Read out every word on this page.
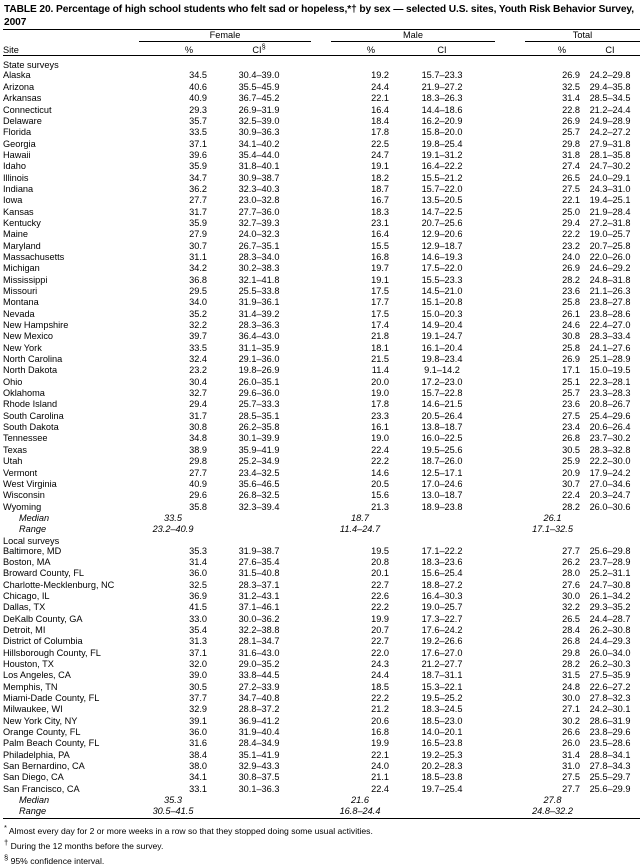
TABLE 20. Percentage of high school students who felt sad or hopeless,*† by sex — selected U.S. sites, Youth Risk Behavior Survey, 2007

	Female			Male			Total	
Site	%	CI§		%	CI		%	CI

State surveys								
Alaska	34.5	30.4–39.0		19.2	15.7–23.3		26.9	24.2–29.8
Arizona	40.6	35.5–45.9		24.4	21.9–27.2		32.5	29.4–35.8
Arkansas	40.9	36.7–45.2		22.1	18.3–26.3		31.4	28.5–34.5
Connecticut	29.3	26.9–31.9		16.4	14.4–18.6		22.8	21.2–24.4
Delaware	35.7	32.5–39.0		18.4	16.2–20.9		26.9	24.9–28.9
Florida	33.5	30.9–36.3		17.8	15.8–20.0		25.7	24.2–27.2
Georgia	37.1	34.1–40.2		22.5	19.8–25.4		29.8	27.9–31.8
Hawaii	39.6	35.4–44.0		24.7	19.1–31.2		31.8	28.1–35.8
Idaho	35.9	31.8–40.1		19.1	16.4–22.2		27.4	24.7–30.2
Illinois	34.7	30.9–38.7		18.2	15.5–21.2		26.5	24.0–29.1
Indiana	36.2	32.3–40.3		18.7	15.7–22.0		27.5	24.3–31.0
Iowa	27.7	23.0–32.8		16.7	13.5–20.5		22.1	19.4–25.1
Kansas	31.7	27.7–36.0		18.3	14.7–22.5		25.0	21.9–28.4
Kentucky	35.9	32.7–39.3		23.1	20.7–25.6		29.4	27.2–31.8
Maine	27.9	24.0–32.3		16.4	12.9–20.6		22.2	19.0–25.7
Maryland	30.7	26.7–35.1		15.5	12.9–18.7		23.2	20.7–25.8
Massachusetts	31.1	28.3–34.0		16.8	14.6–19.3		24.0	22.0–26.0
Michigan	34.2	30.2–38.3		19.7	17.5–22.0		26.9	24.6–29.2
Mississippi	36.8	32.1–41.8		19.1	15.5–23.3		28.2	24.8–31.8
Missouri	29.5	25.5–33.8		17.5	14.5–21.0		23.6	21.1–26.3
Montana	34.0	31.9–36.1		17.7	15.1–20.8		25.8	23.8–27.8
Nevada	35.2	31.4–39.2		17.5	15.0–20.3		26.1	23.8–28.6
New Hampshire	32.2	28.3–36.3		17.4	14.9–20.4		24.6	22.4–27.0
New Mexico	39.7	36.4–43.0		21.8	19.1–24.7		30.8	28.3–33.4
New York	33.5	31.1–35.9		18.1	16.1–20.4		25.8	24.1–27.6
North Carolina	32.4	29.1–36.0		21.5	19.8–23.4		26.9	25.1–28.9
North Dakota	23.2	19.8–26.9		11.4	9.1–14.2		17.1	15.0–19.5
Ohio	30.4	26.0–35.1		20.0	17.2–23.0		25.1	22.3–28.1
Oklahoma	32.7	29.6–36.0		19.0	15.7–22.8		25.7	23.3–28.3
Rhode Island	29.4	25.7–33.3		17.8	14.6–21.5		23.6	20.8–26.7
South Carolina	31.7	28.5–35.1		23.3	20.5–26.4		27.5	25.4–29.6
South Dakota	30.8	26.2–35.8		16.1	13.8–18.7		23.4	20.6–26.4
Tennessee	34.8	30.1–39.9		19.0	16.0–22.5		26.8	23.7–30.2
Texas	38.9	35.9–41.9		22.4	19.5–25.6		30.5	28.3–32.8
Utah	29.8	25.2–34.9		22.2	18.7–26.0		25.9	22.2–30.0
Vermont	27.7	23.4–32.5		14.6	12.5–17.1		20.9	17.9–24.2
West Virginia	40.9	35.6–46.5		20.5	17.0–24.6		30.7	27.0–34.6
Wisconsin	29.6	26.8–32.5		15.6	13.0–18.7		22.4	20.3–24.7
Wyoming	35.8	32.3–39.4		21.3	18.9–23.8		28.2	26.0–30.6
Median	33.5			18.7			26.1	
Range	23.2–40.9			11.4–24.7			17.1–32.5	
Local surveys								
Baltimore, MD	35.3	31.9–38.7		19.5	17.1–22.2		27.7	25.6–29.8
Boston, MA	31.4	27.6–35.4		20.8	18.3–23.6		26.2	23.7–28.9
Broward County, FL	36.0	31.5–40.8		20.1	15.6–25.4		28.0	25.2–31.1
Charlotte-Mecklenburg, NC	32.5	28.3–37.1		22.7	18.8–27.2		27.6	24.7–30.8
Chicago, IL	36.9	31.2–43.1		22.6	16.4–30.3		30.0	26.1–34.2
Dallas, TX	41.5	37.1–46.1		22.2	19.0–25.7		32.2	29.3–35.2
DeKalb County, GA	33.0	30.0–36.2		19.9	17.3–22.7		26.5	24.4–28.7
Detroit, MI	35.4	32.2–38.8		20.7	17.6–24.2		28.4	26.2–30.8
District of Columbia	31.3	28.1–34.7		22.7	19.2–26.6		26.8	24.4–29.3
Hillsborough County, FL	37.1	31.6–43.0		22.0	17.6–27.0		29.8	26.0–34.0
Houston, TX	32.0	29.0–35.2		24.3	21.2–27.7		28.2	26.2–30.3
Los Angeles, CA	39.0	33.8–44.5		24.4	18.7–31.1		31.5	27.5–35.9
Memphis, TN	30.5	27.2–33.9		18.5	15.3–22.1		24.8	22.6–27.2
Miami-Dade County, FL	37.7	34.7–40.8		22.2	19.5–25.2		30.0	27.8–32.3
Milwaukee, WI	32.9	28.8–37.2		21.2	18.3–24.5		27.1	24.2–30.1
New York City, NY	39.1	36.9–41.2		20.6	18.5–23.0		30.2	28.6–31.9
Orange County, FL	36.0	31.9–40.4		16.8	14.0–20.1		26.6	23.8–29.6
Palm Beach County, FL	31.6	28.4–34.9		19.9	16.5–23.8		26.0	23.5–28.6
Philadelphia, PA	38.4	35.1–41.9		22.1	19.2–25.3		31.4	28.8–34.1
San Bernardino, CA	38.0	32.9–43.3		24.0	20.2–28.3		31.0	27.8–34.3
San Diego, CA	34.1	30.8–37.5		21.1	18.5–23.8		27.5	25.5–29.7
San Francisco, CA	33.1	30.1–36.3		22.4	19.7–25.4		27.7	25.6–29.9
Median	35.3			21.6			27.8	
Range	30.5–41.5			16.8–24.4			24.8–32.2	

* Almost every day for 2 or more weeks in a row so that they stopped doing some usual activities.
† During the 12 months before the survey.
§ 95% confidence interval.
